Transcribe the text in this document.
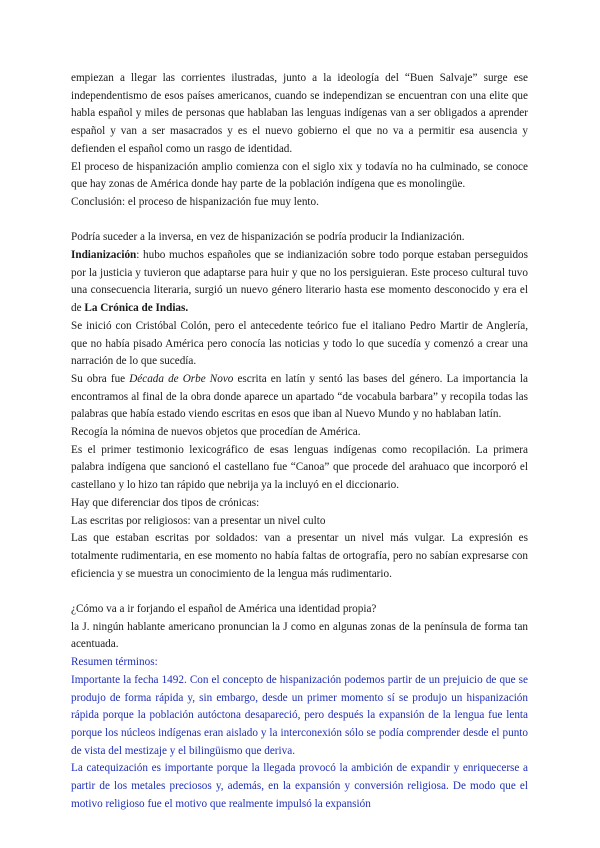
empiezan a llegar las corrientes ilustradas, junto a la ideología del “Buen Salvaje” surge ese independentismo de esos países americanos, cuando se independizan se encuentran con una elite que habla español y miles de personas que hablaban las lenguas indígenas van a ser obligados a aprender español y van a ser masacrados y es el nuevo gobierno el que no va a permitir esa ausencia y defienden el español como un rasgo de identidad.

El proceso de hispanización amplio comienza con el siglo xix y todavía no ha culminado, se conoce que hay zonas de América donde hay parte de la población indígena que es monolingüe.

Conclusión: el proceso de hispanización fue muy lento.

Podría suceder a la inversa, en vez de hispanización se podría producir la Indianización.

Indianización: hubo muchos españoles que se indianización sobre todo porque estaban perseguidos por la justicia y tuvieron que adaptarse para huir y que no los persiguieran. Este proceso cultural tuvo una consecuencia literaria, surgió un nuevo género literario hasta ese momento desconocido y era el de La Crónica de Indias.

Se inició con Cristóbal Colón, pero el antecedente teórico fue el italiano Pedro Martir de Anglería, que no había pisado América pero conocía las noticias y todo lo que sucedía y comenzó a crear una narración de lo que sucedía.

Su obra fue Década de Orbe Novo escrita en latín y sentó las bases del género. La importancia la encontramos al final de la obra donde aparece un apartado “de vocabula barbara” y recopila todas las palabras que había estado viendo escritas en esos que iban al Nuevo Mundo y no hablaban latín.

Recogía la nómina de nuevos objetos que procedían de América.

Es el primer testimonio lexicográfico de esas lenguas indígenas como recopilación. La primera palabra indígena que sancionó el castellano fue “Canoa” que procede del arahuaco que incorporó el castellano y lo hizo tan rápido que nebrija ya la incluyó en el diccionario.

Hay que diferenciar dos tipos de crónicas:

Las escritas por religiosos: van a presentar un nivel culto

Las que estaban escritas por soldados: van a presentar un nivel más vulgar. La expresión es totalmente rudimentaria, en ese momento no había faltas de ortografía, pero no sabían expresarse con eficiencia y se muestra un conocimiento de la lengua más rudimentario.

¿Cómo va a ir forjando el español de América una identidad propia?

la J. ningún hablante americano pronuncian la J como en algunas zonas de la península de forma tan acentuada.

Resumen términos:

Importante la fecha 1492. Con el concepto de hispanización podemos partir de un prejuicio de que se produjo de forma rápida y, sin embargo, desde un primer momento sí se produjo un hispanización rápida porque la población autóctona desapareció, pero después la expansión de la lengua fue lenta porque los núcleos indígenas eran aislado y la interconexión sólo se podía comprender desde el punto de vista del mestizaje y el bilingüismo que deriva.

La catequización es importante porque la llegada provocó la ambición de expandir y enriquecerse a partir de los metales preciosos y, además, en la expansión y conversión religiosa. De modo que el motivo religioso fue el motivo que realmente impulsó la expansión
